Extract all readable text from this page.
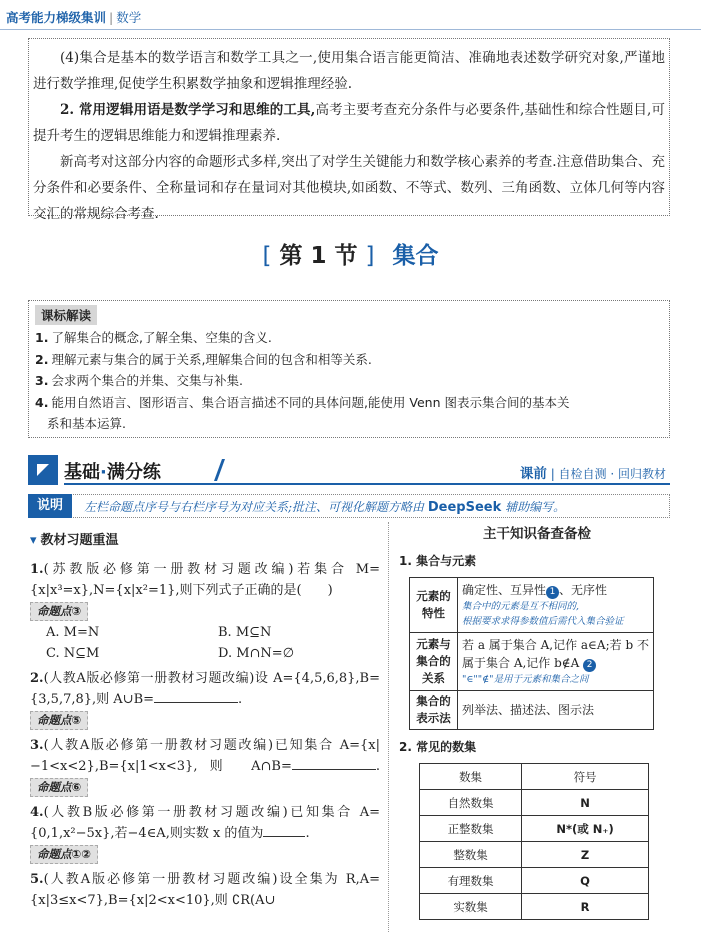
高考能力梯级集训 | 数学

(4)集合是基本的数学语言和数学工具之一,使用集合语言能更简洁、准确地表述数学研究对象,严谨地进行数学推理,促使学生积累数学抽象和逻辑推理经验.

2. 常用逻辑用语是数学学习和思维的工具,高考主要考查充分条件与必要条件,基础性和综合性题目,可提升考生的逻辑思维能力和逻辑推理素养.

新高考对这部分内容的命题形式多样,突出了对学生关键能力和数学核心素养的考查.注意借助集合、充分条件和必要条件、全称量词和存在量词对其他模块,如函数、不等式、数列、三角函数、立体几何等内容交汇的常规综合考查.

[ 第 1 节 ] 集合
课标解读
1. 了解集合的概念,了解全集、空集的含义.
2. 理解元素与集合的属于关系,理解集合间的包含和相等关系.
3. 会求两个集合的并集、交集与补集.
4. 能用自然语言、图形语言、集合语言描述不同的具体问题,能使用 Venn 图表示集合间的基本关
系和基本运算.
基础·满分练	课前 | 自检自测 · 回归教材
说明	左栏命题点序号与右栏序号为对应关系;批注、可视化解题方略由 DeepSeek 辅助编写。
▾ 教材习题重温
1.(苏教版必修第一册教材习题改编)若集合 M={x|x³=x},N={x|x²=1},则下列式子正确的是(　　)
命题点③
A. M=N	B. M⊆N
C. N⊆M	D. M∩N=∅
2.(人教A版必修第一册教材习题改编)设 A={4,5,6,8},B={3,5,7,8},则 A∪B=	.
命题点⑤
3.(人教A版必修第一册教材习题改编)已知集合 A={x|−1<x<2},B={x|1<x<3},则 A∩B=	. 命题点⑥
4.(人教B版必修第一册教材习题改编)已知集合 A={0,1,x²−5x},若−4∈A,则实数 x 的值为	.
命题点①②
5.(人教A版必修第一册教材习题改编)设全集为 R,A={x|3≤x<7},B={x|2<x<10},则 ∁R(A∪
主干知识备查备检
1. 集合与元素
元素的特性	确定性、互异性 1 、无序性
集合中的元素是互不相同的,
根据要求求得参数值后需代入集合验证

元素与集合的关系	若 a 属于集合 A,记作 a∈A;若 b 不属于集合 A,记作 b∉A 2
"∈""∉"是用于元素和集合之间

集合的表示法	列举法、描述法、图示法
2. 常见的数集
数集	符号
自然数集	N
正整数集	N*(或 N₊)
整数集	Z
有理数集	Q
实数集	R
